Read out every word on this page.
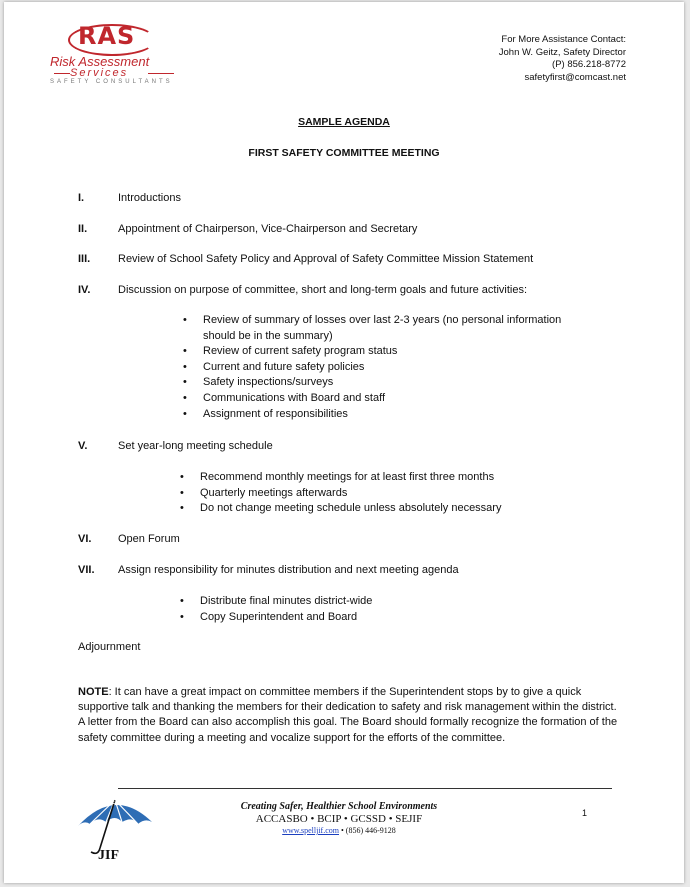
RAS
Risk Assessment
Services
SAFETY CONSULTANTS
For More Assistance Contact:
John W. Geitz, Safety Director
(P) 856.218-8772
safetyfirst@comcast.net
SAMPLE AGENDA
FIRST SAFETY COMMITTEE MEETING
I.	Introductions
II.	Appointment of Chairperson, Vice-Chairperson and Secretary
III.	Review of School Safety Policy and Approval of Safety Committee Mission Statement
IV.	Discussion on purpose of committee, short and long-term goals and future activities:
• Review of summary of losses over last 2-3 years (no personal information
should be in the summary)
• Review of current safety program status
• Current and future safety policies
• Safety inspections/surveys
• Communications with Board and staff
• Assignment of responsibilities
V.	Set year-long meeting schedule
• Recommend monthly meetings for at least first three months
• Quarterly meetings afterwards
• Do not change meeting schedule unless absolutely necessary
VI. Open Forum
VII. Assign responsibility for minutes distribution and next meeting agenda
• Distribute final minutes district-wide
• Copy Superintendent and Board
Adjournment
NOTE: It can have a great impact on committee members if the Superintendent stops by to give a quick supportive talk and thanking the members for their dedication to safety and risk management within the district. A letter from the Board can also accomplish this goal. The Board should formally recognize the formation of the safety committee during a meeting and vocalize support for the efforts of the committee.
SPELL
JIF
Creating Safer, Healthier School Environments
ACCASBO • BCIP • GCSSD • SEJIF
www.spelljif.com • (856) 446-9128
1
